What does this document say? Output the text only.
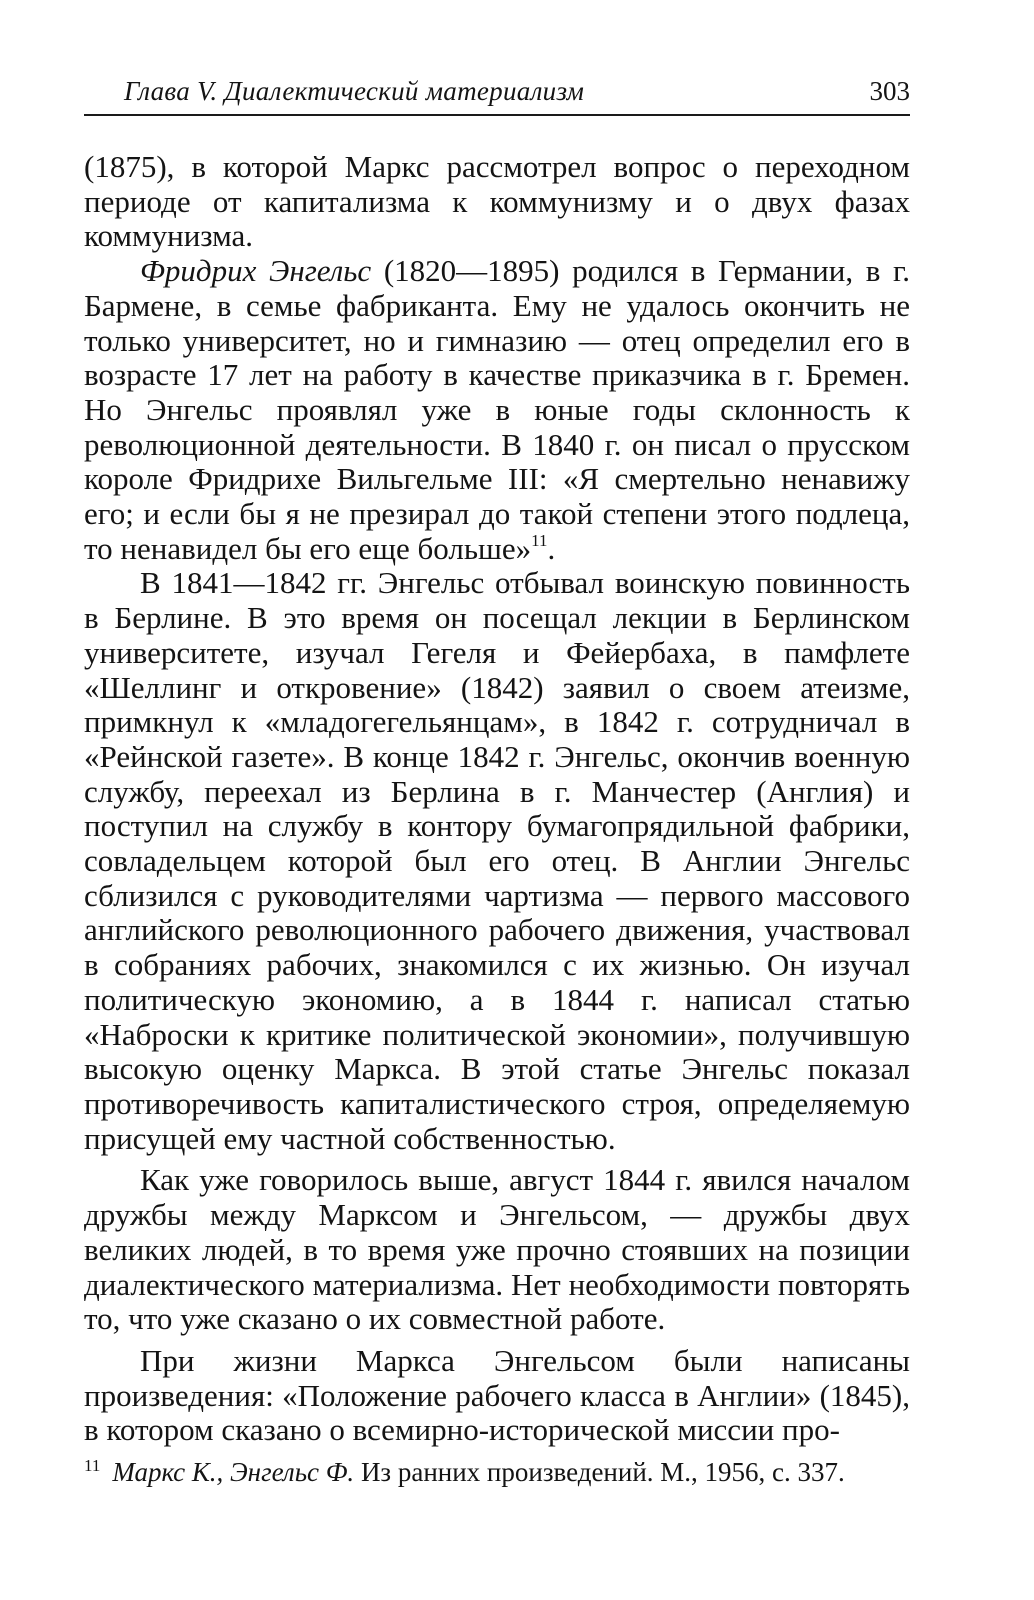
Глава V. Диалектический материализм	303

(1875), в которой Маркс рассмотрел вопрос о переходном периоде от капитализма к коммунизму и о двух фазах коммунизма.

Фридрих Энгельс (1820—1895) родился в Германии, в г. Бармене, в семье фабриканта. Ему не удалось окончить не только университет, но и гимназию — отец определил его в возрасте 17 лет на работу в качестве приказчика в г. Бремен. Но Энгельс проявлял уже в юные годы склонность к революционной деятельности. В 1840 г. он писал о прусском короле Фридрихе Вильгельме III: «Я смертельно ненавижу его; и если бы я не презирал до такой степени этого подлеца, то ненавидел бы его еще больше»$^{11}$.

В 1841—1842 гг. Энгельс отбывал воинскую повинность в Берлине. В это время он посещал лекции в Берлинском университете, изучал Гегеля и Фейербаха, в памфлете «Шеллинг и откровение» (1842) заявил о своем атеизме, примкнул к «младогегельянцам», в 1842 г. сотрудничал в «Рейнской газете». В конце 1842 г. Энгельс, окончив военную службу, переехал из Берлина в г. Манчестер (Англия) и поступил на службу в контору бумагопрядильной фабрики, совладельцем которой был его отец. В Англии Энгельс сблизился с руководителями чартизма — первого массового английского революционного рабочего движения, участвовал в собраниях рабочих, знакомился с их жизнью. Он изучал политическую экономию, а в 1844 г. написал статью «Наброски к критике политической экономии», получившую высокую оценку Маркса. В этой статье Энгельс показал противоречивость капиталистического строя, определяемую присущей ему частной собственностью.

Как уже говорилось выше, август 1844 г. явился началом дружбы между Марксом и Энгельсом, — дружбы двух великих людей, в то время уже прочно стоявших на позиции диалектического материализма. Нет необходимости повторять то, что уже сказано о их совместной работе.

При жизни Маркса Энгельсом были написаны произведения: «Положение рабочего класса в Англии» (1845), в котором сказано о всемирно-исторической миссии про-

$^{11}$ Маркс К., Энгельс Ф. Из ранних произведений. М., 1956, с. 337.
